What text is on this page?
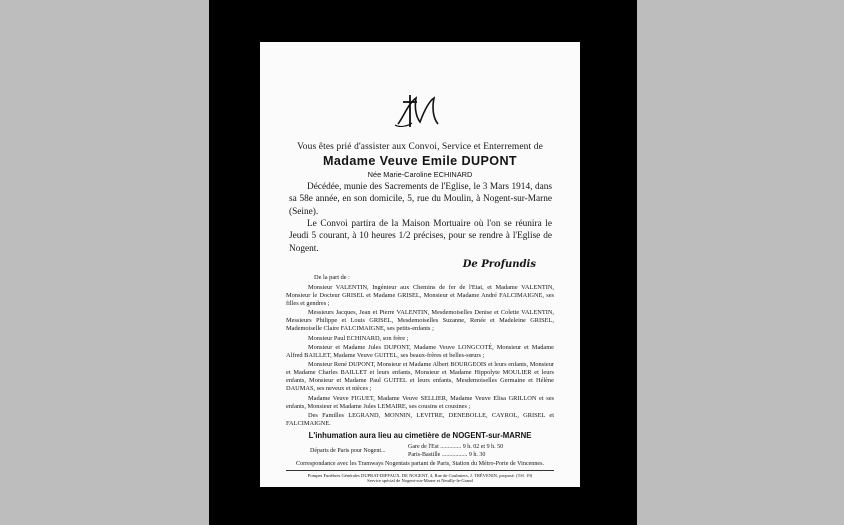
Vous êtes prié d'assister aux Convoi, Service et Enterrement de
Madame Veuve Emile DUPONT
Née Marie-Caroline ECHINARD
Décédée, munie des Sacrements de l'Eglise, le 3 Mars 1914, dans sa 58e année, en son domicile, 5, rue du Moulin, à Nogent-sur-Marne (Seine).
Le Convoi partira de la Maison Mortuaire où l'on se réunira le Jeudi 5 courant, à 10 heures 1/2 précises, pour se rendre à l'Eglise de Nogent.
De Profundis

De la part de :

Monsieur VALENTIN, Ingénieur aux Chemins de fer de l'Etat, et Madame VALENTIN, Monsieur le Docteur GRISEL et Madame GRISEL, Monsieur et Madame André FALCIMAIGNE, ses filles et gendres ;

Messieurs Jacques, Jean et Pierre VALENTIN, Mesdemoiselles Denise et Colette VALENTIN, Messieurs Philippe et Louis GRISEL, Mesdemoiselles Suzanne, Renée et Madeleine GRISEL, Mademoiselle Claire FALCIMAIGNE, ses petits-enfants ;

Monsieur Paul ECHINARD, son frère ;

Monsieur et Madame Jules DUPONT, Madame Veuve LONGCOTÉ, Monsieur et Madame Alfred BAILLET, Madame Veuve GUITEL, ses beaux-frères et belles-sœurs ;

Monsieur René DUPONT, Monsieur et Madame Albert BOURGEOIS et leurs enfants, Monsieur et Madame Charles BAILLET et leurs enfants, Monsieur et Madame Hippolyte MOULIER et leurs enfants, Monsieur et Madame Paul GUITEL et leurs enfants, Mesdemoiselles Germaine et Hélène DAUMAS, ses neveux et nièces ;

Madame Veuve FIGUET, Madame Veuve SELLIER, Madame Veuve Elisa GRILLON et ses enfants, Monsieur et Madame Jules LEMAIRE, ses cousins et cousines ;

Des Familles LEGRAND, MONNIN, LEVITRE, DENEBOLLE, CAYROL, GRISEL et FALCIMAIGNE.

L'inhumation aura lieu au cimetière de NOGENT-sur-MARNE
Départs de Paris pour Nogent...
Gare de l'Est .............. 9 h. 02 et 9 h. 50
Paris-Bastille ................. 9 h. 30
Correspondance avec les Tramways Nogentais partant de Paris, Station du Métro-Porte de Vincennes.
Pompes Funèbres Générales DUPRAT-DIFFAUX. DE NOGENT, 4, Rue de Coulmiers, J. TRÉVENIN, proposé. (Tél. 19)
Service spécial de Nogent-sur-Marne et Neuilly-le-Grand
